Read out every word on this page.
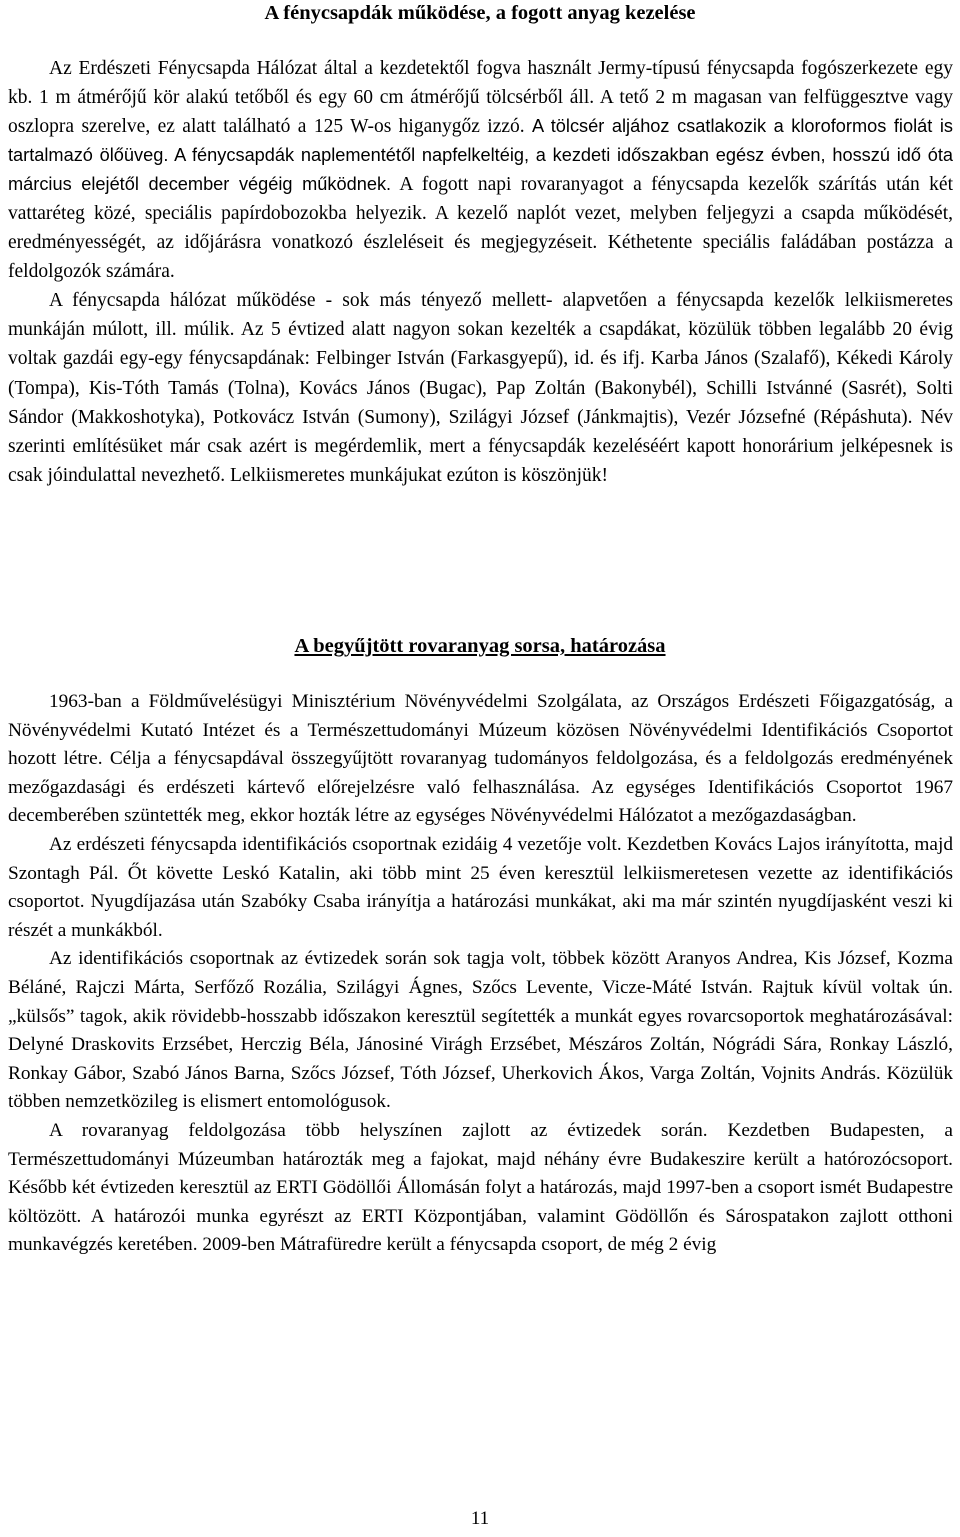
A fénycsapdák működése, a fogott anyag kezelése

Az Erdészeti Fénycsapda Hálózat által a kezdetektől fogva használt Jermy-típusú fénycsapda fogószerkezete egy kb. 1 m átmérőjű kör alakú tetőből és egy 60 cm átmérőjű tölcsérből áll. A tető 2 m magasan van felfüggesztve vagy oszlopra szerelve, ez alatt található a 125 W-os higanygőz izzó. A tölcsér aljához csatlakozik a kloroformos fiolát is tartalmazó ölőüveg. A fénycsapdák naplementétől napfelkeltéig, a kezdeti időszakban egész évben, hosszú idő óta március elejétől december végéig működnek. A fogott napi rovaranyagot a fénycsapda kezelők szárítás után két vattaréteg közé, speciális papírdobozokba helyezik. A kezelő naplót vezet, melyben feljegyzi a csapda működését, eredményességét, az időjárásra vonatkozó észleléseit és megjegyzéseit. Kéthetente speciális faládában postázza a feldolgozók számára.

A fénycsapda hálózat működése - sok más tényező mellett- alapvetően a fénycsapda kezelők lelkiismeretes munkáján múlott, ill. múlik. Az 5 évtized alatt nagyon sokan kezelték a csapdákat, közülük többen legalább 20 évig voltak gazdái egy-egy fénycsapdának: Felbinger István (Farkasgyepű), id. és ifj. Karba János (Szalafő), Kékedi Károly (Tompa), Kis-Tóth Tamás (Tolna), Kovács János (Bugac), Pap Zoltán (Bakonybél), Schilli Istvánné (Sasrét), Solti Sándor (Makkoshotyka), Potkovácz István (Sumony), Szilágyi József (Jánkmajtis), Vezér Józsefné (Répáshuta). Név szerinti említésüket már csak azért is megérdemlik, mert a fénycsapdák kezeléséért kapott honorárium jelképesnek is csak jóindulattal nevezhető. Lelkiismeretes munkájukat ezúton is köszönjük!

A begyűjtött rovaranyag sorsa, határozása

1963-ban a Földművelésügyi Minisztérium Növényvédelmi Szolgálata, az Országos Erdészeti Főigazgatóság, a Növényvédelmi Kutató Intézet és a Természettudományi Múzeum közösen Növényvédelmi Identifikációs Csoportot hozott létre. Célja a fénycsapdával összegyűjtött rovaranyag tudományos feldolgozása, és a feldolgozás eredményének mezőgazdasági és erdészeti kártevő előrejelzésre való felhasználása. Az egységes Identifikációs Csoportot 1967 decemberében szüntették meg, ekkor hozták létre az egységes Növényvédelmi Hálózatot a mezőgazdaságban.

Az erdészeti fénycsapda identifikációs csoportnak ezidáig 4 vezetője volt. Kezdetben Kovács Lajos irányította, majd Szontagh Pál. Őt követte Leskó Katalin, aki több mint 25 éven keresztül lelkiismeretesen vezette az identifikációs csoportot. Nyugdíjazása után Szabóky Csaba irányítja a határozási munkákat, aki ma már szintén nyugdíjasként veszi ki részét a munkákból.

Az identifikációs csoportnak az évtizedek során sok tagja volt, többek között Aranyos Andrea, Kis József, Kozma Béláné, Rajczi Márta, Serfőző Rozália, Szilágyi Ágnes, Szőcs Levente, Vicze-Máté István. Rajtuk kívül voltak ún. „külsős” tagok, akik rövidebb-hosszabb időszakon keresztül segítették a munkát egyes rovarcsoportok meghatározásával: Delyné Draskovits Erzsébet, Herczig Béla, Jánosiné Virágh Erzsébet, Mészáros Zoltán, Nógrádi Sára, Ronkay László, Ronkay Gábor, Szabó János Barna, Szőcs József, Tóth József, Uherkovich Ákos, Varga Zoltán, Vojnits András. Közülük többen nemzetközileg is elismert entomológusok.

A rovaranyag feldolgozása több helyszínen zajlott az évtizedek során. Kezdetben Budapesten, a Természettudományi Múzeumban határozták meg a fajokat, majd néhány évre Budakeszire került a hatórozócsoport. Később két évtizeden keresztül az ERTI Gödöllői Állomásán folyt a határozás, majd 1997-ben a csoport ismét Budapestre költözött. A határozói munka egyrészt az ERTI Központjában, valamint Gödöllőn és Sárospatakon zajlott otthoni munkavégzés keretében. 2009-ben Mátrafüredre került a fénycsapda csoport, de még 2 évig

11
